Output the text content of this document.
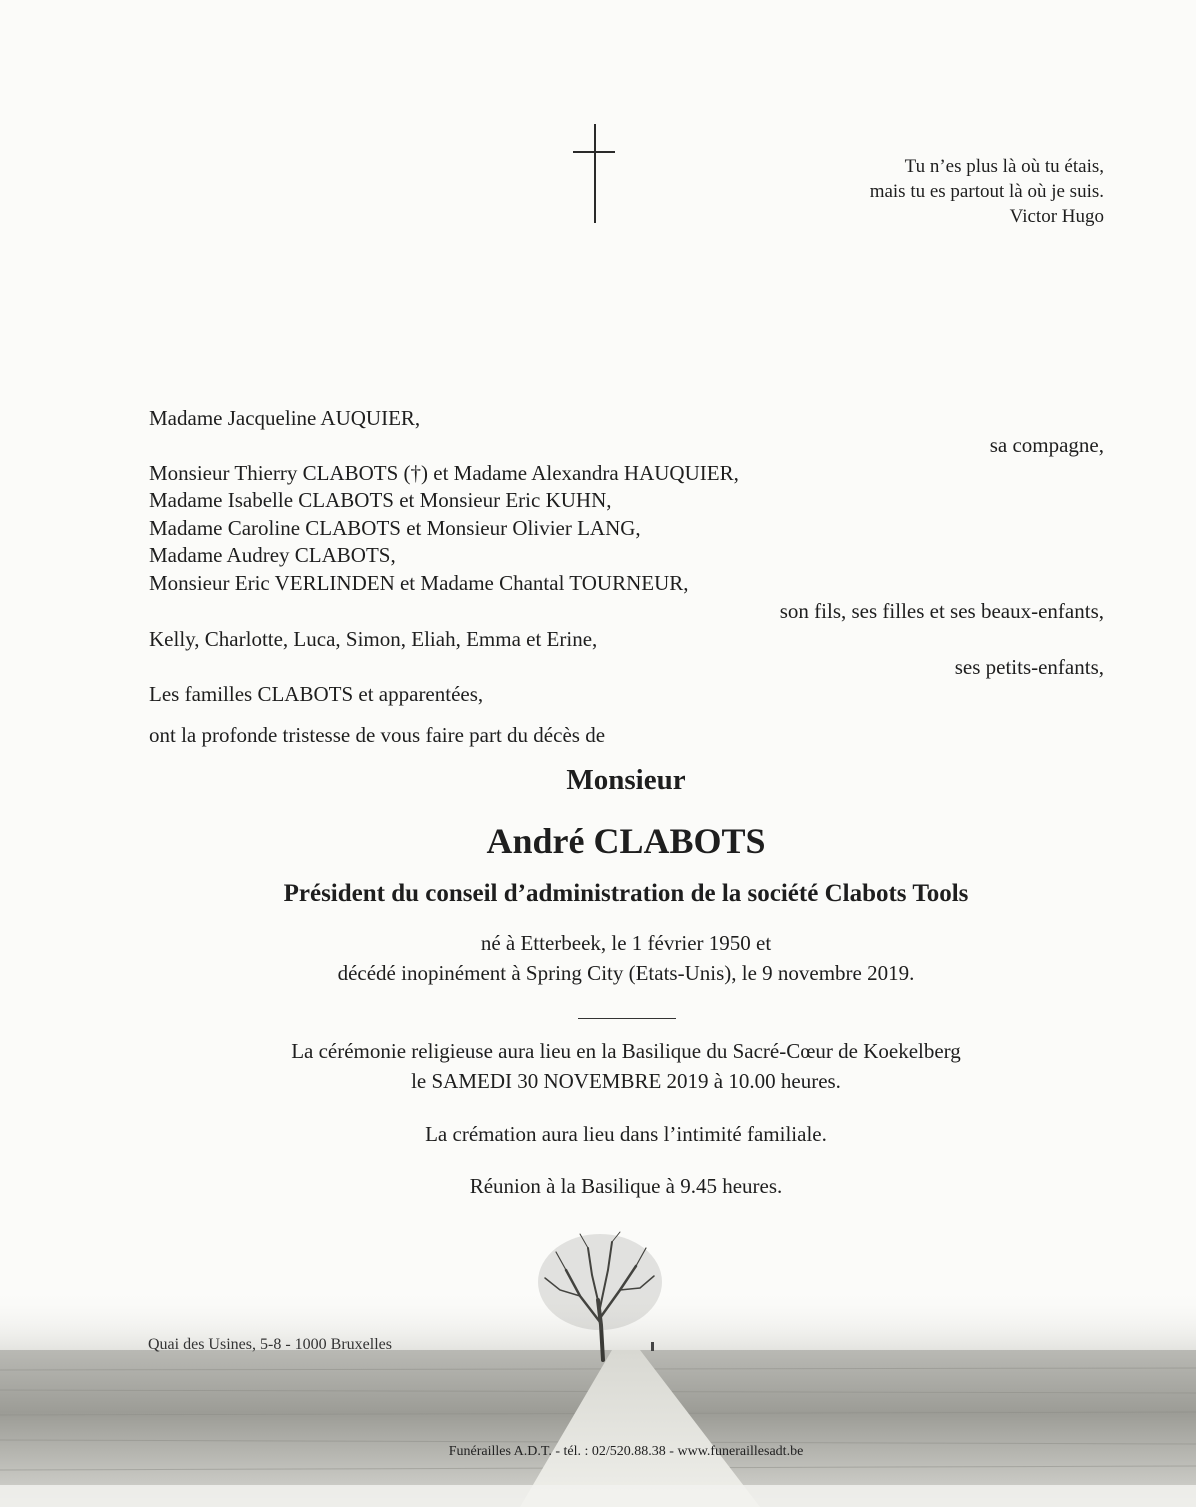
Tu n’es plus là où tu étais,
mais tu es partout là où je suis.
Victor Hugo
Madame Jacqueline AUQUIER,
sa compagne,
Monsieur Thierry CLABOTS (†) et Madame Alexandra HAUQUIER,
Madame Isabelle CLABOTS et Monsieur Eric KUHN,
Madame Caroline CLABOTS et Monsieur Olivier LANG,
Madame Audrey CLABOTS,
Monsieur Eric VERLINDEN et Madame Chantal TOURNEUR,
son fils, ses filles et ses beaux-enfants,
Kelly, Charlotte, Luca, Simon, Eliah, Emma et Erine,
ses petits-enfants,
Les familles CLABOTS et apparentées,
ont la profonde tristesse de vous faire part du décès de
Monsieur
André CLABOTS
Président du conseil d’administration de la société Clabots Tools
né à Etterbeek, le 1 février 1950 et
décédé inopinément à Spring City (Etats-Unis), le 9 novembre 2019.
La cérémonie religieuse aura lieu en la Basilique du Sacré-Cœur de Koekelberg
le SAMEDI 30 NOVEMBRE 2019 à 10.00 heures.
La crémation aura lieu dans l’intimité familiale.
Réunion à la Basilique à 9.45 heures.
Quai des Usines, 5-8 - 1000 Bruxelles
Funérailles A.D.T. - tél. : 02/520.88.38 - www.funeraillesadt.be
